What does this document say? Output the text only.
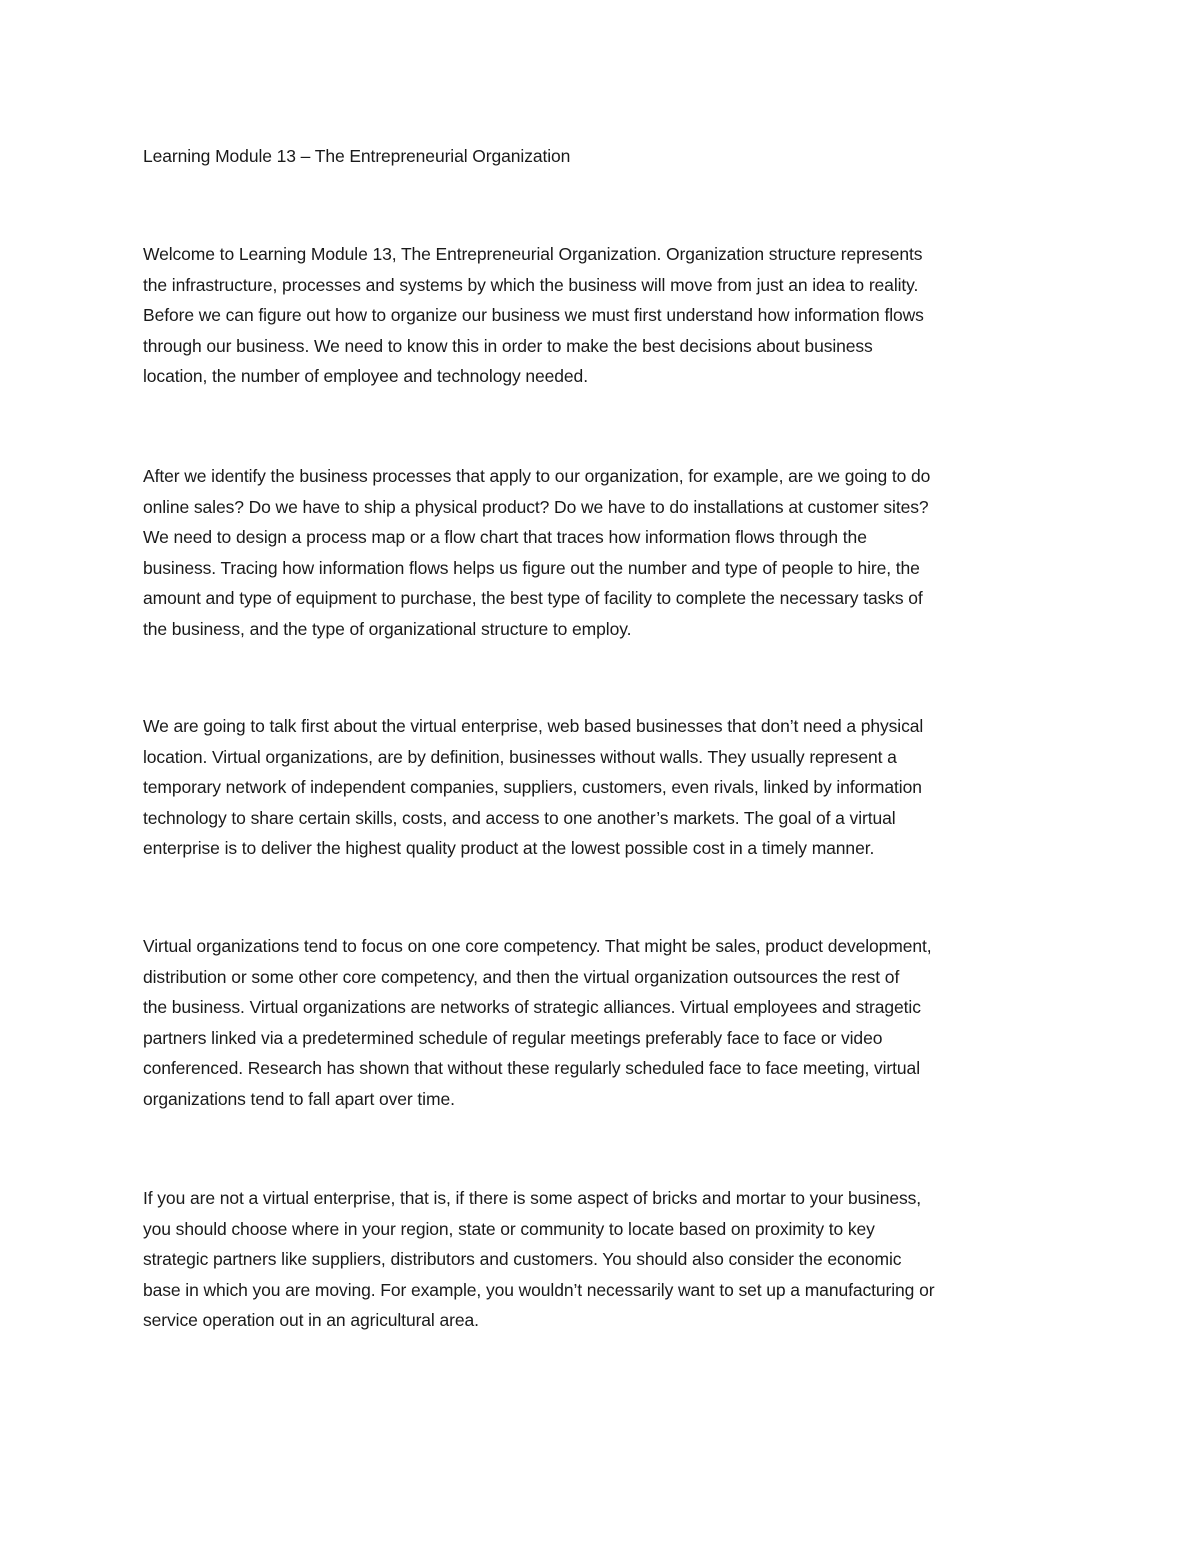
Learning Module 13 – The Entrepreneurial Organization
Welcome to Learning Module 13, The Entrepreneurial Organization. Organization structure represents
the infrastructure, processes and systems by which the business will move from just an idea to reality.
Before we can figure out how to organize our business we must first understand how information flows
through our business. We need to know this in order to make the best decisions about business
location, the number of employee and technology needed.
After we identify the business processes that apply to our organization, for example, are we going to do
online sales? Do we have to ship a physical product? Do we have to do installations at customer sites?
We need to design a process map or a flow chart that traces how information flows through the
business. Tracing how information flows helps us figure out the number and type of people to hire, the
amount and type of equipment to purchase, the best type of facility to complete the necessary tasks of
the business, and the type of organizational structure to employ.
We are going to talk first about the virtual enterprise, web based businesses that don’t need a physical
location. Virtual organizations, are by definition, businesses without walls. They usually represent a
temporary network of independent companies, suppliers, customers, even rivals, linked by information
technology to share certain skills, costs, and access to one another’s markets. The goal of a virtual
enterprise is to deliver the highest quality product at the lowest possible cost in a timely manner.
Virtual organizations tend to focus on one core competency. That might be sales, product development,
distribution or some other core competency, and then the virtual organization outsources the rest of
the business. Virtual organizations are networks of strategic alliances. Virtual employees and stragetic
partners linked via a predetermined schedule of regular meetings preferably face to face or video
conferenced. Research has shown that without these regularly scheduled face to face meeting, virtual
organizations tend to fall apart over time.
If you are not a virtual enterprise, that is, if there is some aspect of bricks and mortar to your business,
you should choose where in your region, state or community to locate based on proximity to key
strategic partners like suppliers, distributors and customers. You should also consider the economic
base in which you are moving. For example, you wouldn’t necessarily want to set up a manufacturing or
service operation out in an agricultural area.
